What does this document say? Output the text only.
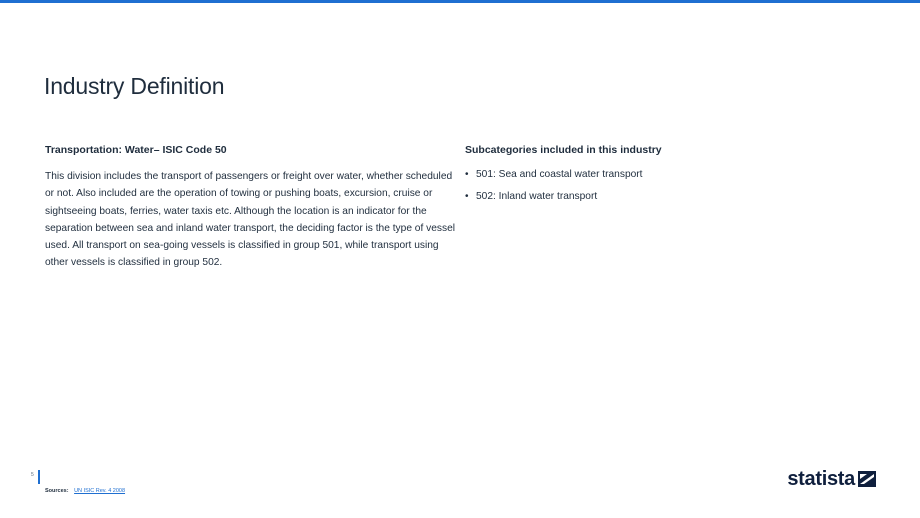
Industry Definition
Transportation: Water– ISIC Code 50

This division includes the transport of passengers or freight over water, whether scheduled or not. Also included are the operation of towing or pushing boats, excursion, cruise or sightseeing boats, ferries, water taxis etc. Although the location is an indicator for the separation between sea and inland water transport, the deciding factor is the type of vessel used. All transport on sea-going vessels is classified in group 501, while transport using other vessels is classified in group 502.

Subcategories included in this industry
• 501: Sea and coastal water transport
• 502: Inland water transport
5
Sources: UN ISIC Rev. 4 2008
statista
